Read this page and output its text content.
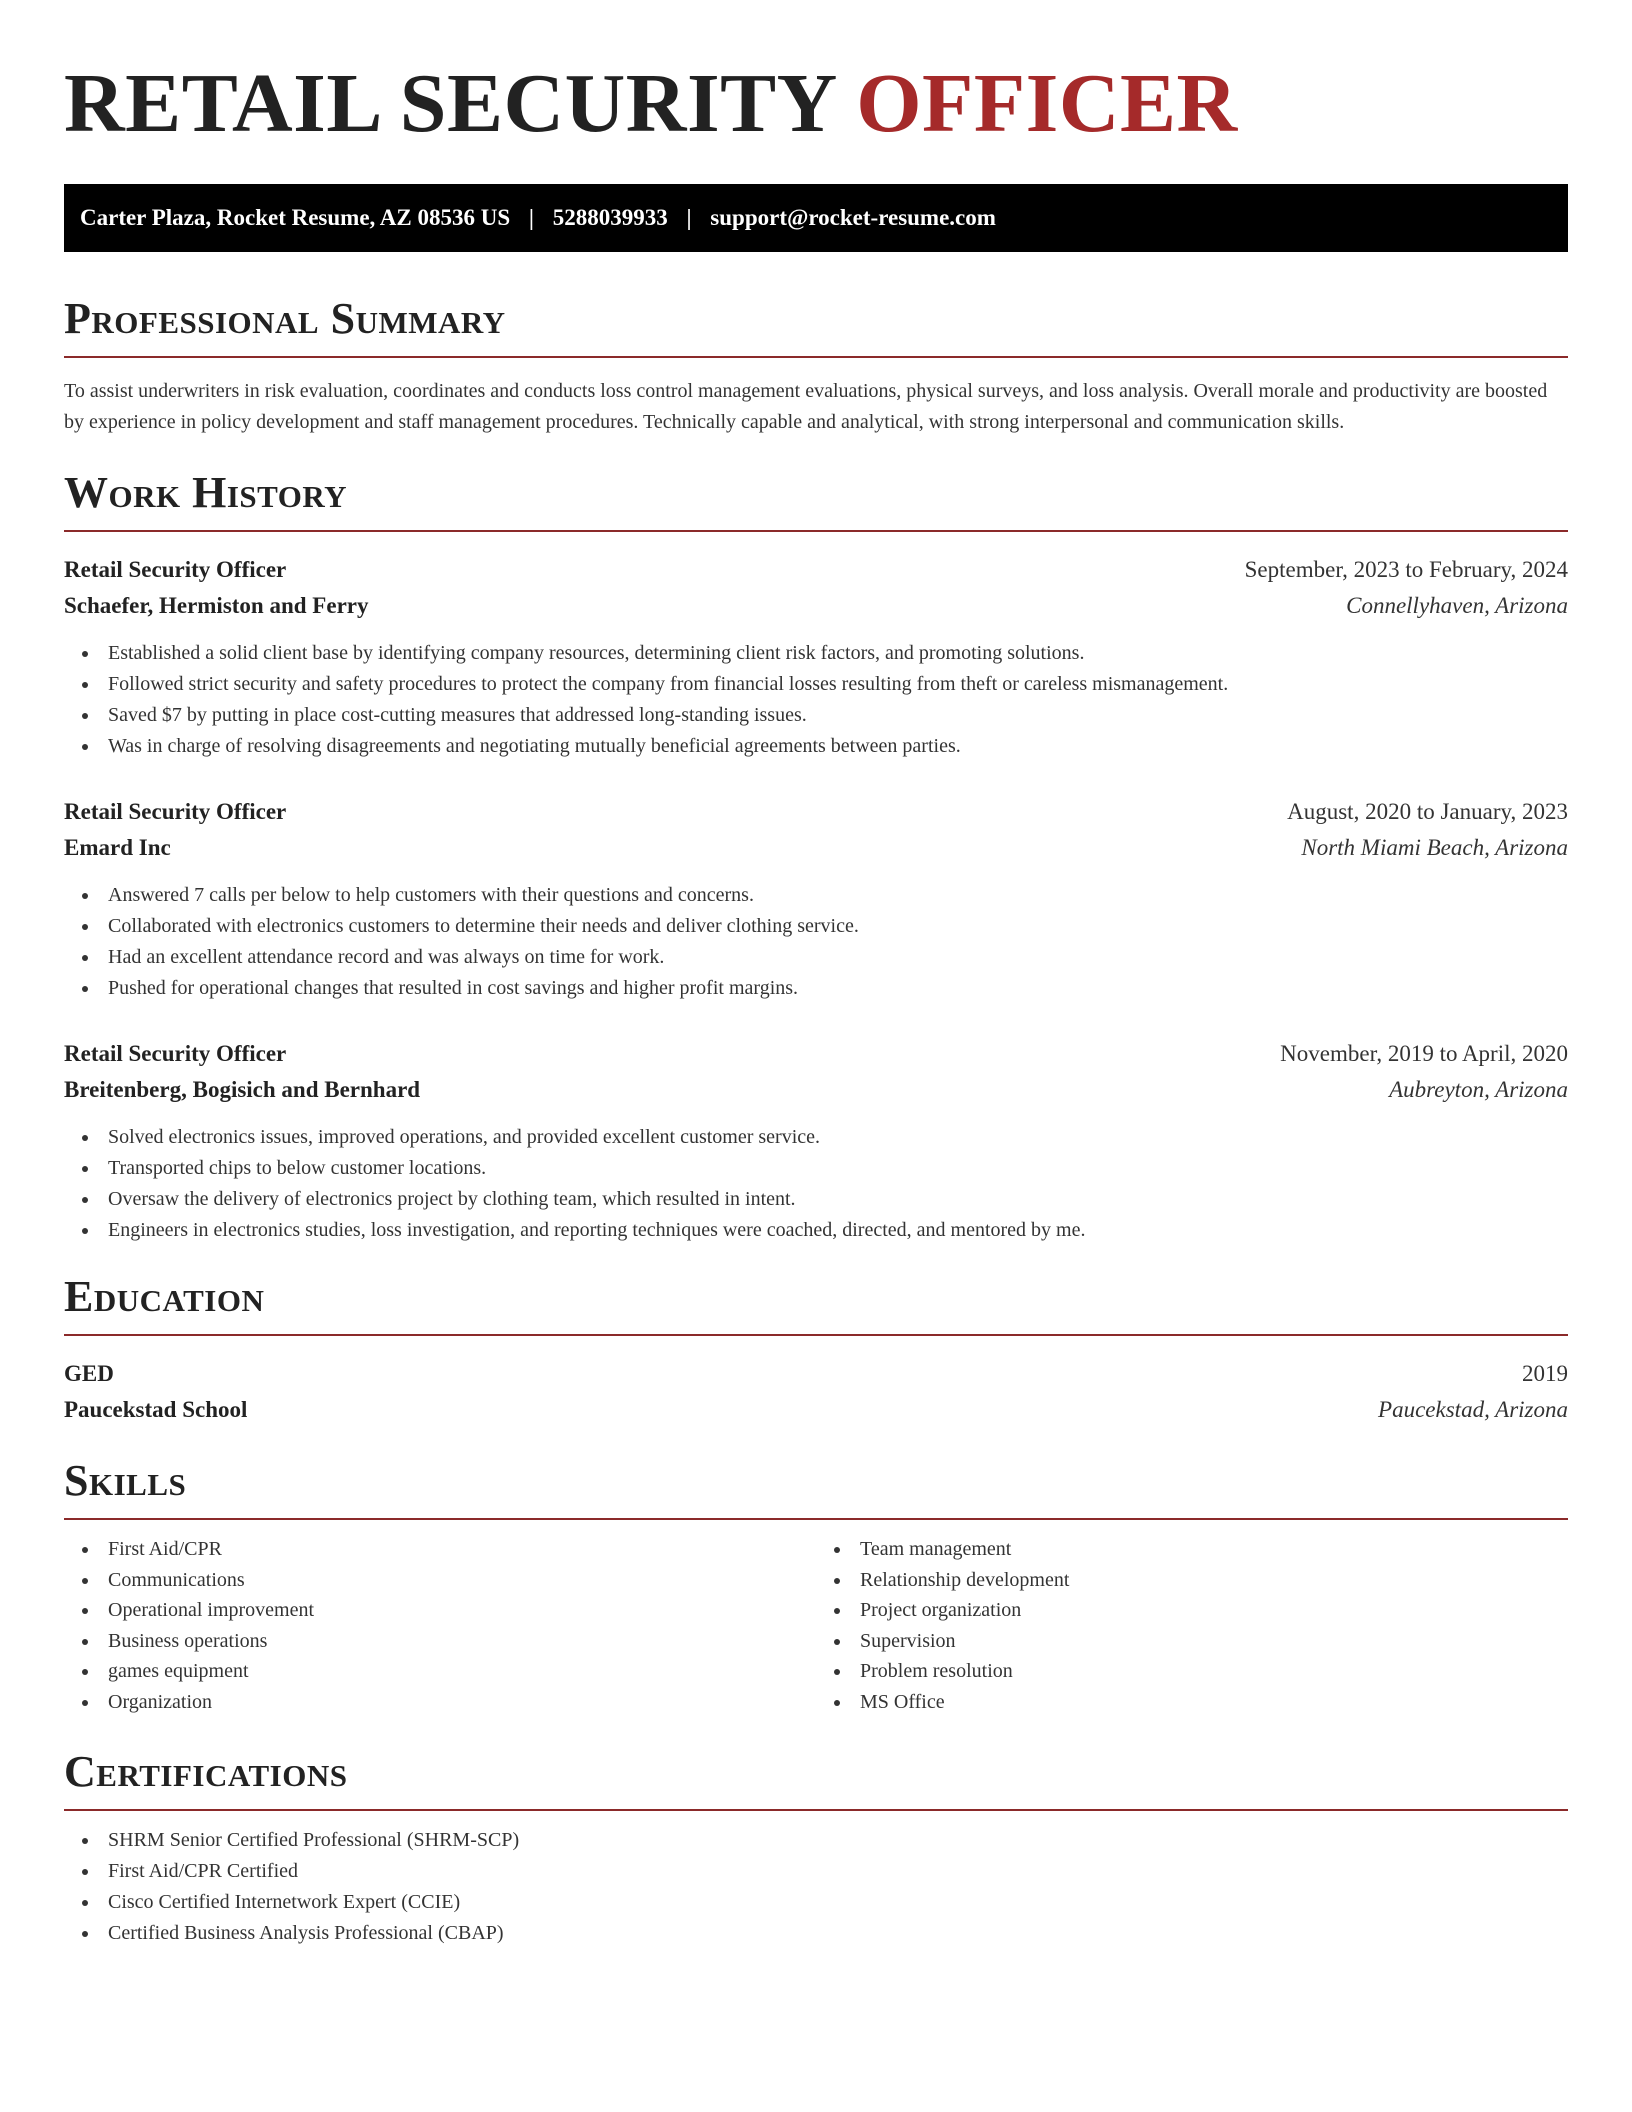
RETAIL SECURITY OFFICER
Carter Plaza, Rocket Resume, AZ 08536 US | 5288039933 | support@rocket-resume.com
Professional Summary

To assist underwriters in risk evaluation, coordinates and conducts loss control management evaluations, physical surveys, and loss analysis. Overall morale and productivity are boosted by experience in policy development and staff management procedures. Technically capable and analytical, with strong interpersonal and communication skills.

Work History
Retail Security Officer	September, 2023 to February, 2024
Schaefer, Hermiston and Ferry	Connellyhaven, Arizona
Established a solid client base by identifying company resources, determining client risk factors, and promoting solutions.
Followed strict security and safety procedures to protect the company from financial losses resulting from theft or careless mismanagement.
Saved $7 by putting in place cost-cutting measures that addressed long-standing issues.
Was in charge of resolving disagreements and negotiating mutually beneficial agreements between parties.
Retail Security Officer	August, 2020 to January, 2023
Emard Inc	North Miami Beach, Arizona
Answered 7 calls per below to help customers with their questions and concerns.
Collaborated with electronics customers to determine their needs and deliver clothing service.
Had an excellent attendance record and was always on time for work.
Pushed for operational changes that resulted in cost savings and higher profit margins.
Retail Security Officer	November, 2019 to April, 2020
Breitenberg, Bogisich and Bernhard	Aubreyton, Arizona
Solved electronics issues, improved operations, and provided excellent customer service.
Transported chips to below customer locations.
Oversaw the delivery of electronics project by clothing team, which resulted in intent.
Engineers in electronics studies, loss investigation, and reporting techniques were coached, directed, and mentored by me.
Education
GED	2019
Paucekstad School	Paucekstad, Arizona
Skills
First Aid/CPR
Communications
Operational improvement
Business operations
games equipment
Organization
Team management
Relationship development
Project organization
Supervision
Problem resolution
MS Office
Certifications
SHRM Senior Certified Professional (SHRM-SCP)
First Aid/CPR Certified
Cisco Certified Internetwork Expert (CCIE)
Certified Business Analysis Professional (CBAP)
